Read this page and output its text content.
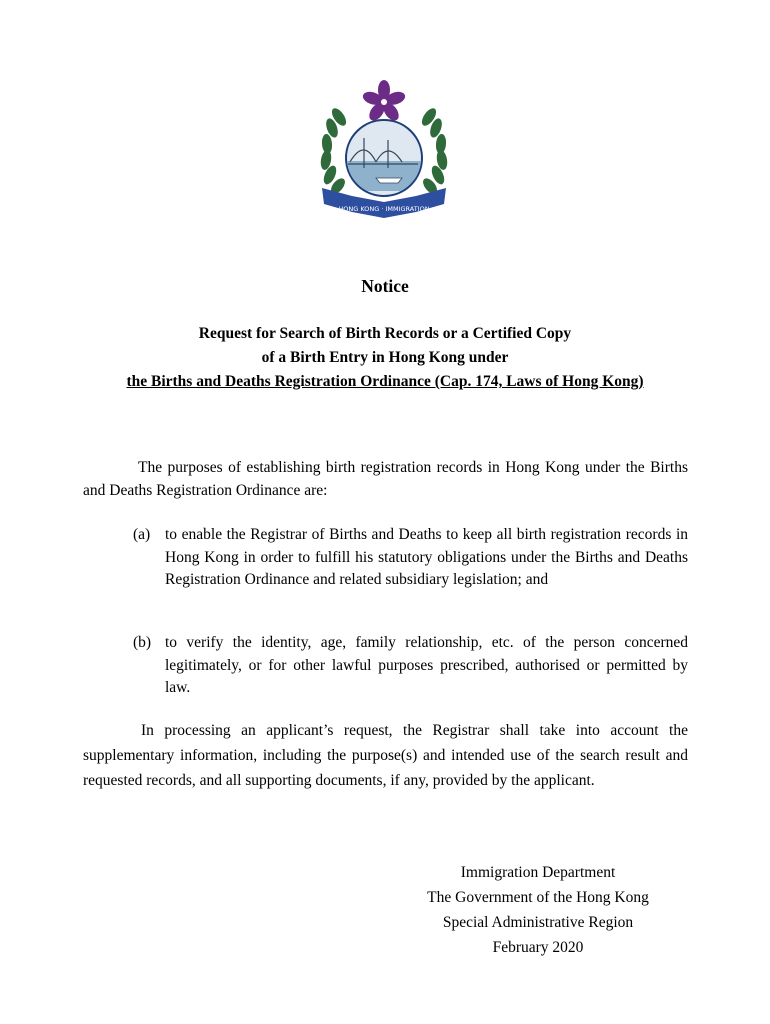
HONG KONG · IMMIGRATION
Notice
Request for Search of Birth Records or a Certified Copy
of a Birth Entry in Hong Kong under
the Births and Deaths Registration Ordinance (Cap. 174, Laws of Hong Kong)
The purposes of establishing birth registration records in Hong Kong under the Births and Deaths Registration Ordinance are:
(a) to enable the Registrar of Births and Deaths to keep all birth registration records in Hong Kong in order to fulfill his statutory obligations under the Births and Deaths Registration Ordinance and related subsidiary legislation; and
(b) to verify the identity, age, family relationship, etc. of the person concerned legitimately, or for other lawful purposes prescribed, authorised or permitted by law.
In processing an applicant’s request, the Registrar shall take into account the supplementary information, including the purpose(s) and intended use of the search result and requested records, and all supporting documents, if any, provided by the applicant.
Immigration Department
The Government of the Hong Kong
Special Administrative Region
February 2020
